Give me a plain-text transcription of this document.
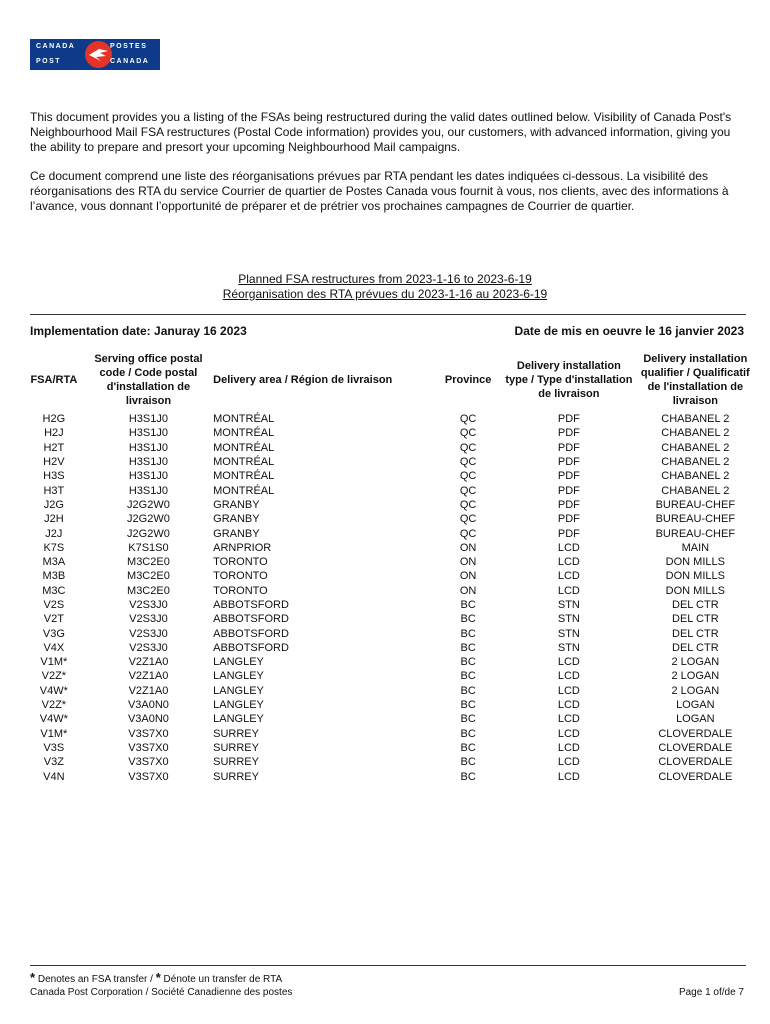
CANADA
POST
POSTES
CANADA

This document provides you a listing of the FSAs being restructured during the valid dates outlined below. Visibility of Canada Post's Neighbourhood Mail FSA restructures (Postal Code information) provides you, our customers, with advanced information, giving you the ability to prepare and presort your upcoming Neighbourhood Mail campaigns.

Ce document comprend une liste des réorganisations prévues par RTA pendant les dates indiquées ci-dessous. La visibilité des réorganisations des RTA du service Courrier de quartier de Postes Canada vous fournit à vous, nos clients, avec des informations à l’avance, vous donnant l’opportunité de préparer et de prétrier vos prochaines campagnes de Courrier de quartier.

Planned FSA restructures from 2023-1-16 to 2023-6-19
Réorganisation des RTA prévues du 2023-1-16 au 2023-6-19
Implementation date: Januray 16 2023	Date de mis en oeuvre le 16 janvier 2023
FSA/RTA	Serving office postal code / Code postal d'installation de livraison	Delivery area / Région de livraison	Province	Delivery installation type / Type d'installation de livraison	Delivery installation qualifier / Qualificatif de l'installation de livraison
H2G	H3S1J0	MONTRÉAL	QC	PDF	CHABANEL 2
H2J	H3S1J0	MONTRÉAL	QC	PDF	CHABANEL 2
H2T	H3S1J0	MONTRÉAL	QC	PDF	CHABANEL 2
H2V	H3S1J0	MONTRÉAL	QC	PDF	CHABANEL 2
H3S	H3S1J0	MONTRÉAL	QC	PDF	CHABANEL 2
H3T	H3S1J0	MONTRÉAL	QC	PDF	CHABANEL 2
J2G	J2G2W0	GRANBY	QC	PDF	BUREAU-CHEF
J2H	J2G2W0	GRANBY	QC	PDF	BUREAU-CHEF
J2J	J2G2W0	GRANBY	QC	PDF	BUREAU-CHEF
K7S	K7S1S0	ARNPRIOR	ON	LCD	MAIN
M3A	M3C2E0	TORONTO	ON	LCD	DON MILLS
M3B	M3C2E0	TORONTO	ON	LCD	DON MILLS
M3C	M3C2E0	TORONTO	ON	LCD	DON MILLS
V2S	V2S3J0	ABBOTSFORD	BC	STN	DEL CTR
V2T	V2S3J0	ABBOTSFORD	BC	STN	DEL CTR
V3G	V2S3J0	ABBOTSFORD	BC	STN	DEL CTR
V4X	V2S3J0	ABBOTSFORD	BC	STN	DEL CTR
V1M*	V2Z1A0	LANGLEY	BC	LCD	2 LOGAN
V2Z*	V2Z1A0	LANGLEY	BC	LCD	2 LOGAN
V4W*	V2Z1A0	LANGLEY	BC	LCD	2 LOGAN
V2Z*	V3A0N0	LANGLEY	BC	LCD	LOGAN
V4W*	V3A0N0	LANGLEY	BC	LCD	LOGAN
V1M*	V3S7X0	SURREY	BC	LCD	CLOVERDALE
V3S	V3S7X0	SURREY	BC	LCD	CLOVERDALE
V3Z	V3S7X0	SURREY	BC	LCD	CLOVERDALE
V4N	V3S7X0	SURREY	BC	LCD	CLOVERDALE
* Denotes an FSA transfer / * Dénote un transfer de RTA
Canada Post Corporation / Société Canadienne des postes	Page 1 of/de 7
